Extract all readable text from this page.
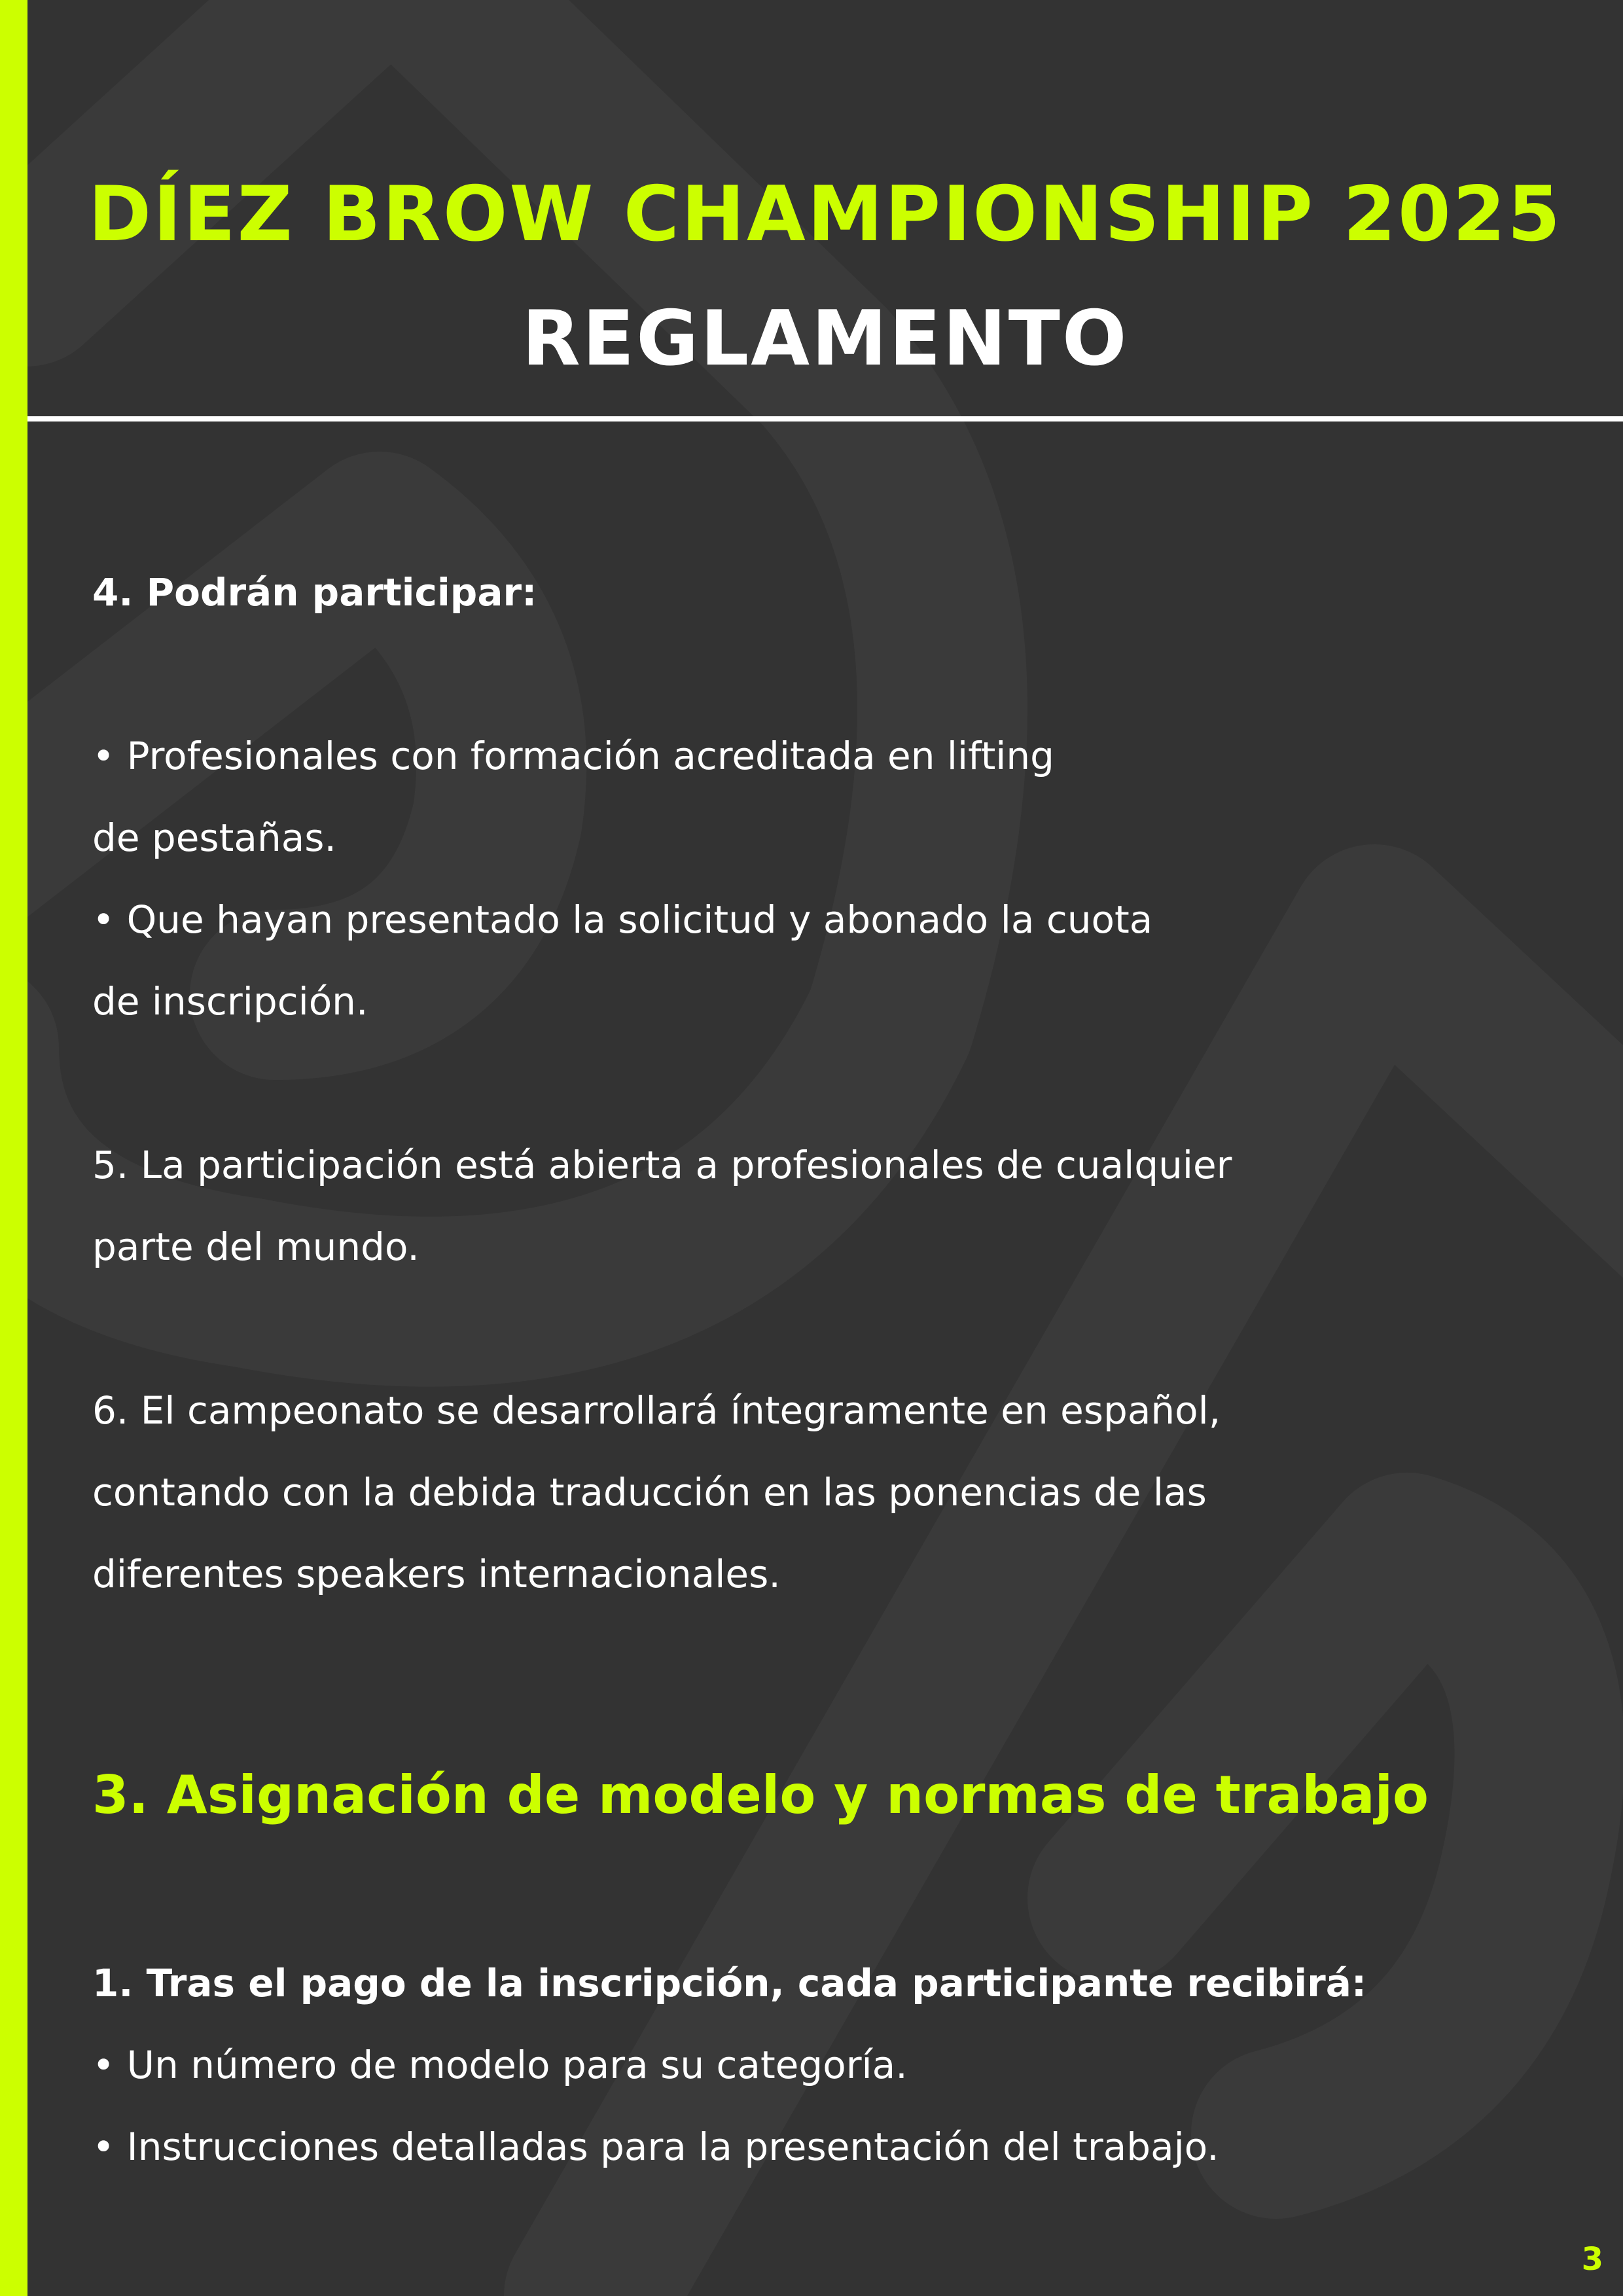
DÍEZ BROW CHAMPIONSHIP 2025
REGLAMENTO
4. Podrán participar:
• Profesionales con formación acreditada en lifting
de pestañas.
• Que hayan presentado la solicitud y abonado la cuota
de inscripción.
5. La participación está abierta a profesionales de cualquier
parte del mundo.
6. El campeonato se desarrollará íntegramente en español,
contando con la debida traducción en las ponencias de las
diferentes speakers internacionales.
3. Asignación de modelo y normas de trabajo
1. Tras el pago de la inscripción, cada participante recibirá:
• Un número de modelo para su categoría.
• Instrucciones detalladas para la presentación del trabajo.
3
